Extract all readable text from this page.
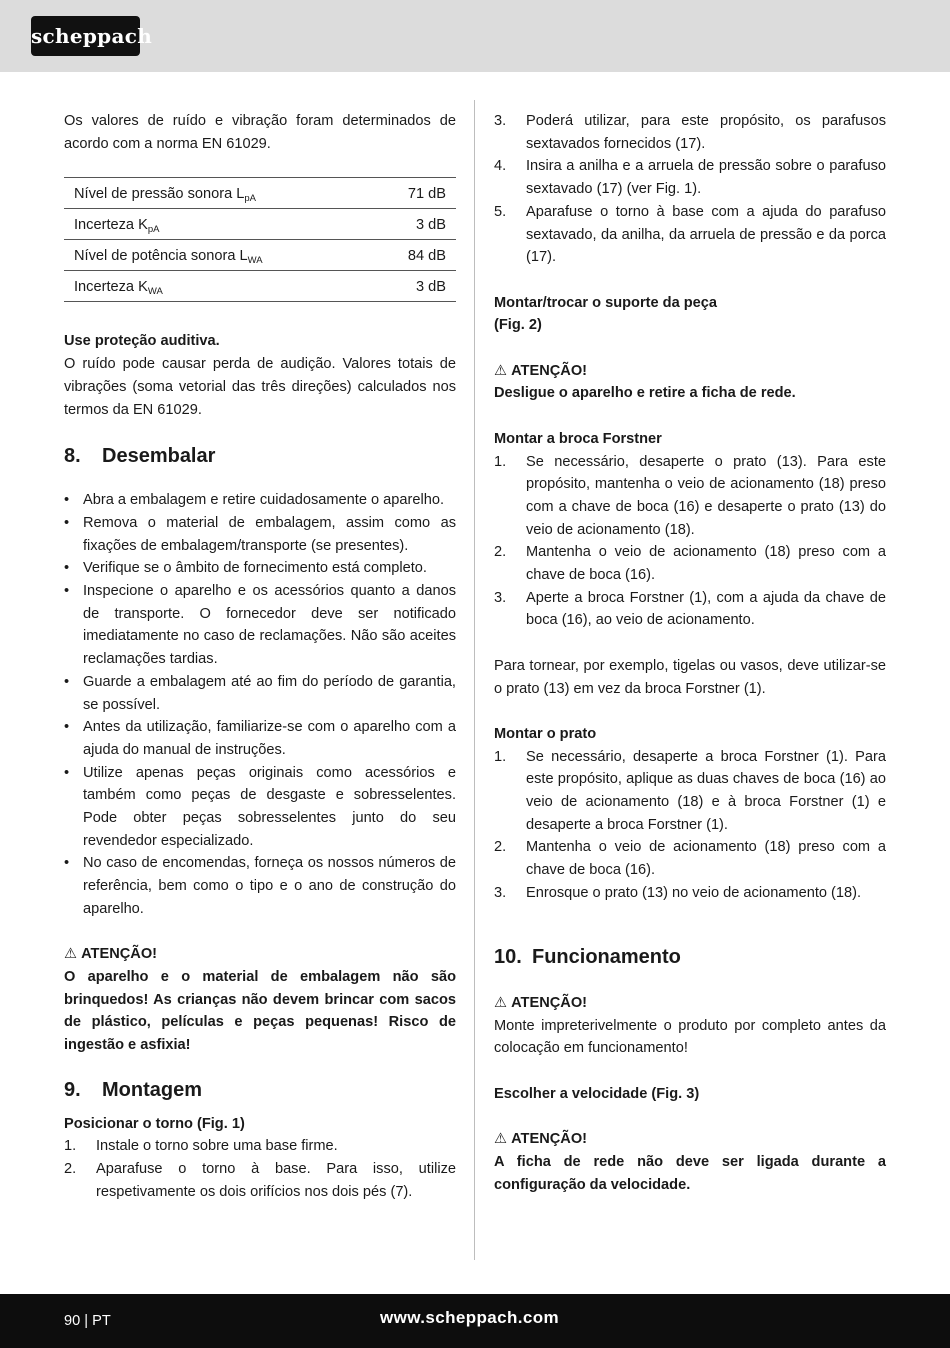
scheppach

Os valores de ruído e vibração foram determinados de acordo com a norma EN 61029.

Nível de pressão sonora $L_{pA}$	71 dB
Incerteza $K_{pA}$	3 dB
Nível de potência sonora $L_{WA}$	84 dB
Incerteza $K_{WA}$	3 dB

Use proteção auditiva.

O ruído pode causar perda de audição. Valores totais de vibrações (soma vetorial das três direções) calculados nos termos da EN 61029.

8. Desembalar
• Abra a embalagem e retire cuidadosamente o aparelho.
• Remova o material de embalagem, assim como as fixações de embalagem/transporte (se presentes).
• Verifique se o âmbito de fornecimento está completo.
• Inspecione o aparelho e os acessórios quanto a danos de transporte. O fornecedor deve ser notificado imediatamente no caso de reclamações. Não são aceites reclamações tardias.
• Guarde a embalagem até ao fim do período de garantia, se possível.
• Antes da utilização, familiarize-se com o aparelho com a ajuda do manual de instruções.
• Utilize apenas peças originais como acessórios e também como peças de desgaste e sobresselentes. Pode obter peças sobresselentes junto do seu revendedor especializado.
• No caso de encomendas, forneça os nossos números de referência, bem como o tipo e o ano de construção do aparelho.

⚠ ATENÇÃO!

O aparelho e o material de embalagem não são brinquedos! As crianças não devem brincar com sacos de plástico, películas e peças pequenas! Risco de ingestão e asfixia!

9. Montagem

Posicionar o torno (Fig. 1)

1. Instale o torno sobre uma base firme.
2. Aparafuse o torno à base. Para isso, utilize respetivamente os dois orifícios nos dois pés (7).
3. Poderá utilizar, para este propósito, os parafusos sextavados fornecidos (17).
4. Insira a anilha e a arruela de pressão sobre o parafuso sextavado (17) (ver Fig. 1).
5. Aparafuse o torno à base com a ajuda do parafuso sextavado, da anilha, da arruela de pressão e da porca (17).

Montar/trocar o suporte da peça

(Fig. 2)

⚠ ATENÇÃO!

Desligue o aparelho e retire a ficha de rede.

Montar a broca Forstner

1. Se necessário, desaperte o prato (13). Para este propósito, mantenha o veio de acionamento (18) preso com a chave de boca (16) e desaperte o prato (13) do veio de acionamento (18).
2. Mantenha o veio de acionamento (18) preso com a chave de boca (16).
3. Aperte a broca Forstner (1), com a ajuda da chave de boca (16), ao veio de acionamento.

Para tornear, por exemplo, tigelas ou vasos, deve utilizar-se o prato (13) em vez da broca Forstner (1).

Montar o prato

1. Se necessário, desaperte a broca Forstner (1). Para este propósito, aplique as duas chaves de boca (16) ao veio de acionamento (18) e à broca Forstner (1) e desaperte a broca Forstner (1).
2. Mantenha o veio de acionamento (18) preso com a chave de boca (16).
3. Enrosque o prato (13) no veio de acionamento (18).
10. Funcionamento

⚠ ATENÇÃO!

Monte impreterivelmente o produto por completo antes da colocação em funcionamento!

Escolher a velocidade (Fig. 3)

⚠ ATENÇÃO!

A ficha de rede não deve ser ligada durante a configuração da velocidade.

90 | PT	www.scheppach.com
